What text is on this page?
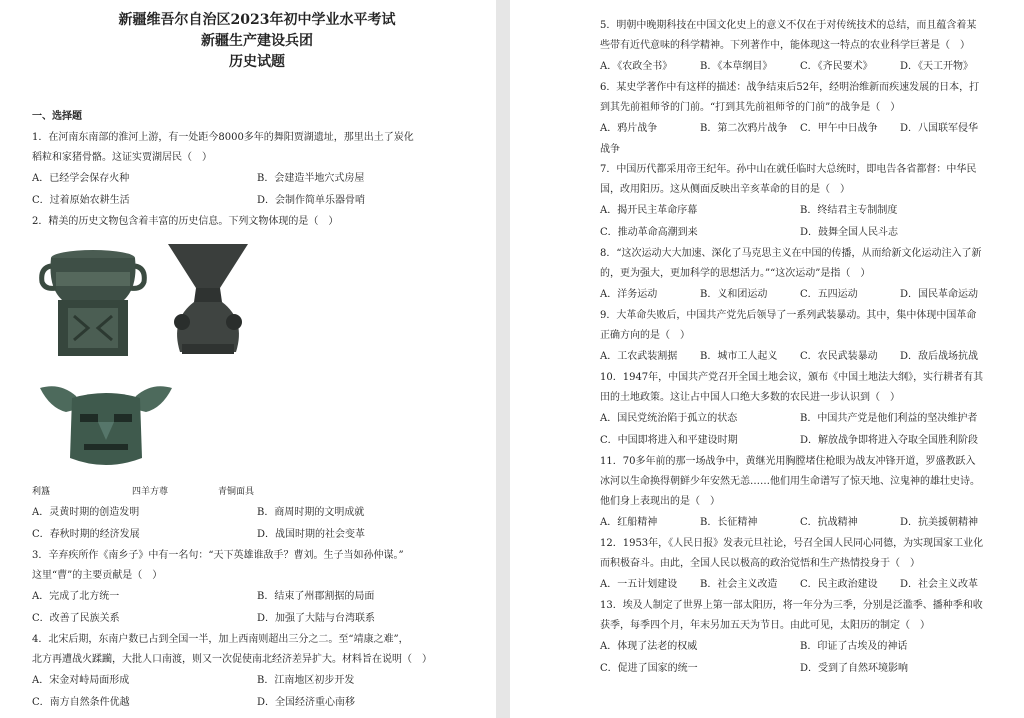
新疆维吾尔自治区2023年初中学业水平考试

新疆生产建设兵团

历史试题

一、选择题

1．在河南东南部的淮河上游，有一处距今8000多年的舞阳贾湖遗址，那里出土了炭化

稻粒和家猪骨骼。这证实贾湖居民（　）

A．已经学会保存火种	B．会建造半地穴式房屋
C．过着原始农耕生活	D．会制作简单乐器骨哨

2．精美的历史文物包含着丰富的历史信息。下列文物体现的是（　）

利簋	四羊方尊	青铜面具
A．灵黄时期的创造发明	B．商周时期的文明成就
C．春秋时期的经济发展	D．战国时期的社会变革

3．辛弃疾所作《南乡子》中有一名句：“天下英雄谁敌手？曹刘。生子当如孙仲谋。”

这里“曹”的主要贡献是（　）

A．完成了北方统一	B．结束了州郡割据的局面
C．改善了民族关系	D．加强了大陆与台湾联系

4．北宋后期，东南户数已占到全国一半，加上西南则超出三分之二。至“靖康之难”，

北方再遭战火蹂躏，大批人口南渡，则又一次促使南北经济差异扩大。材料旨在说明（　）

A．宋金对峙局面形成	B．江南地区初步开发
C．南方自然条件优越	D．全国经济重心南移

5．明朝中晚期科技在中国文化史上的意义不仅在于对传统技术的总结，而且蕴含着某

些带有近代意味的科学精神。下列著作中，能体现这一特点的农业科学巨著是（　）

A．《农政全书》	B．《本草纲目》	C．《齐民要术》	D．《天工开物》

6．某史学著作中有这样的描述：战争结束后52年，经明治维新而疾速发展的日本，打

到其先前祖师爷的门前。“打到其先前祖师爷的门前”的战争是（　）

A．鸦片战争	B．第二次鸦片战争	C．甲午中日战争	D．八国联军侵华

战争

7．中国历代都采用帝王纪年。孙中山在就任临时大总统时，即电告各省都督：中华民

国，改用阳历。这从侧面反映出辛亥革命的目的是（　）

A．揭开民主革命序幕	B．终结君主专制制度
C．推动革命高潮到来	D．鼓舞全国人民斗志

8．“这次运动大大加速、深化了马克思主义在中国的传播，从而给新文化运动注入了新

的，更为强大，更加科学的思想活力。”“这次运动”是指（　）

A．洋务运动	B．义和团运动	C．五四运动	D．国民革命运动

9．大革命失败后，中国共产党先后领导了一系列武装暴动。其中，集中体现中国革命

正确方向的是（　）

A．工农武装割据	B．城市工人起义	C．农民武装暴动	D．敌后战场抗战

10．1947年，中国共产党召开全国土地会议，颁布《中国土地法大纲》，实行耕者有其

田的土地政策。这让占中国人口绝大多数的农民进一步认识到（　）

A．国民党统治陷于孤立的状态	B．中国共产党是他们利益的坚决维护者
C．中国即将进入和平建设时期	D．解放战争即将进入夺取全国胜利阶段

11．70多年前的那一场战争中，黄继光用胸膛堵住枪眼为战友冲锋开道，罗盛教跃入

冰河以生命换得朝鲜少年安然无恙……他们用生命谱写了惊天地、泣鬼神的雄壮史诗。

他们身上表现出的是（　）

A．红船精神	B．长征精神	C．抗战精神	D．抗美援朝精神

12．1953年，《人民日报》发表元旦社论，号召全国人民同心同德，为实现国家工业化

而积极奋斗。由此，全国人民以极高的政治觉悟和生产热情投身于（　）

A．一五计划建设	B．社会主义改造	C．民主政治建设	D．社会主义改革

13．埃及人制定了世界上第一部太阳历，将一年分为三季，分别是泛滥季、播种季和收

获季，每季四个月，年末另加五天为节日。由此可见，太阳历的制定（　）

A．体现了法老的权威	B．印证了古埃及的神话
C．促进了国家的统一	D．受到了自然环境影响
